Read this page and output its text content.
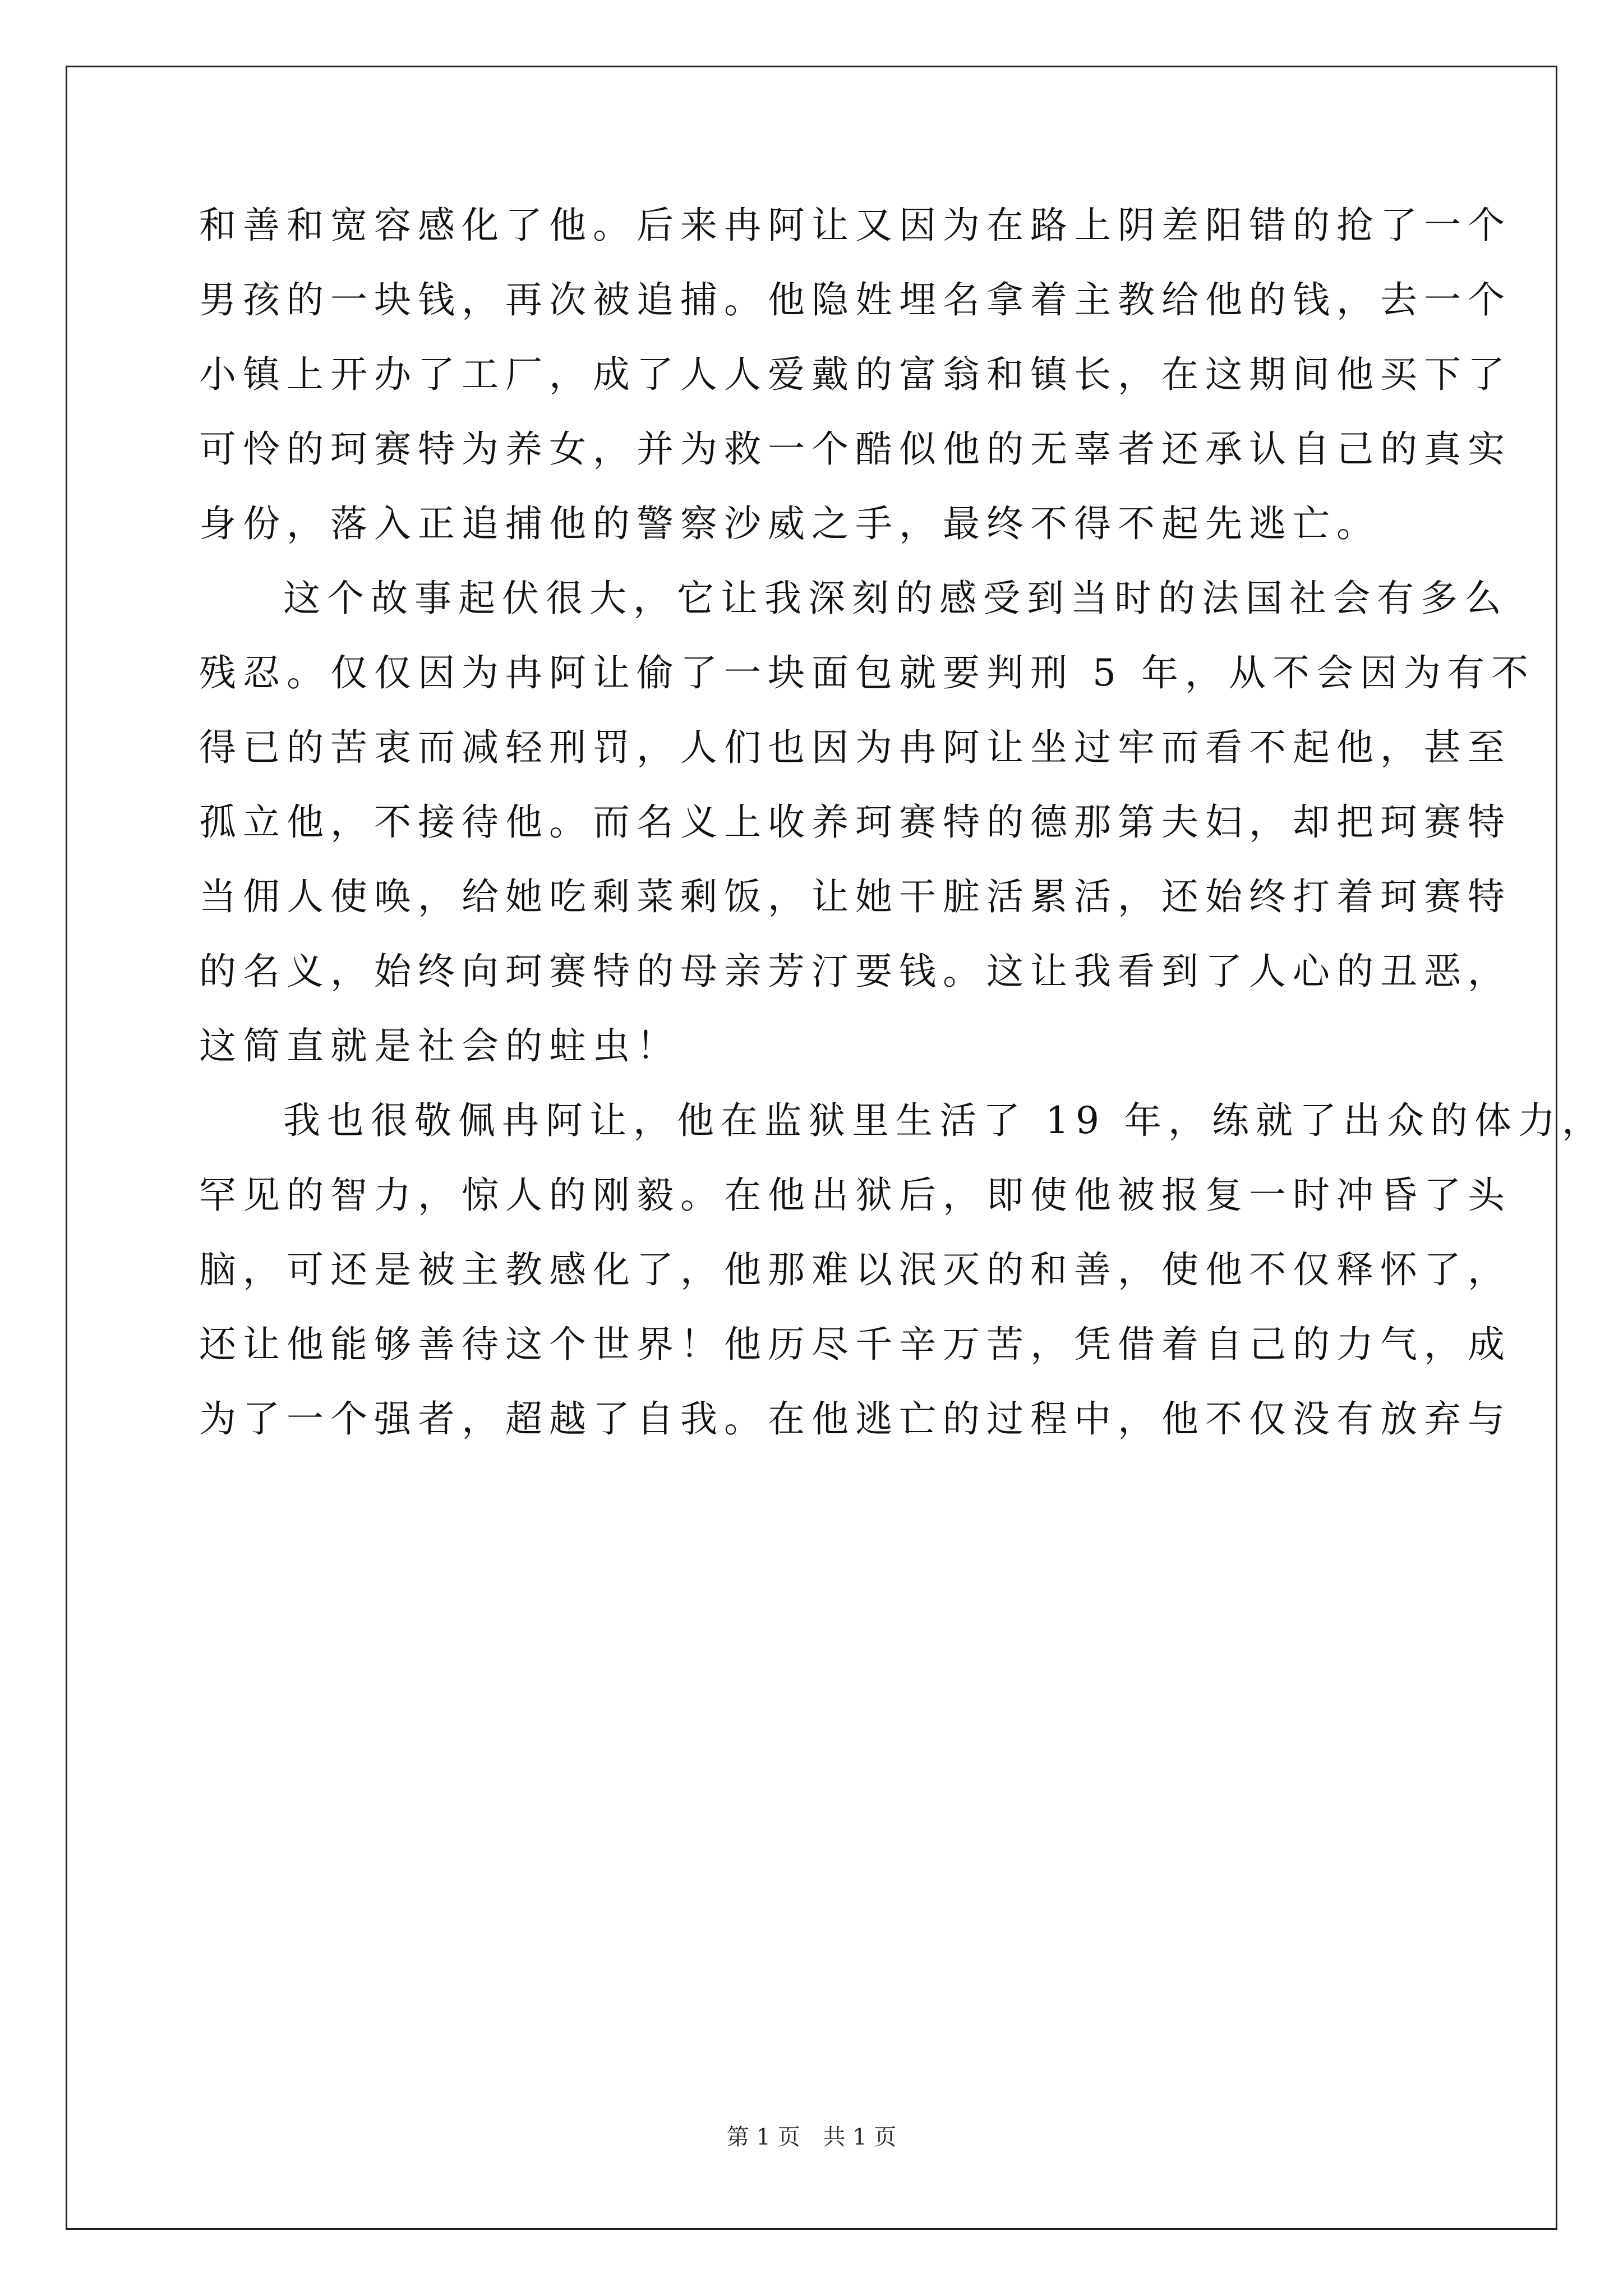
和善和宽容感化了他。后来冉阿让又因为在路上阴差阳错的抢了一个
男孩的一块钱，再次被追捕。他隐姓埋名拿着主教给他的钱，去一个
小镇上开办了工厂，成了人人爱戴的富翁和镇长，在这期间他买下了
可怜的珂赛特为养女，并为救一个酷似他的无辜者还承认自己的真实
身份，落入正追捕他的警察沙威之手，最终不得不起先逃亡。
这个故事起伏很大，它让我深刻的感受到当时的法国社会有多么
残忍。仅仅因为冉阿让偷了一块面包就要判刑 5 年，从不会因为有不
得已的苦衷而减轻刑罚，人们也因为冉阿让坐过牢而看不起他，甚至
孤立他，不接待他。而名义上收养珂赛特的德那第夫妇，却把珂赛特
当佣人使唤，给她吃剩菜剩饭，让她干脏活累活，还始终打着珂赛特
的名义，始终向珂赛特的母亲芳汀要钱。这让我看到了人心的丑恶，
这简直就是社会的蛀虫！
我也很敬佩冉阿让，他在监狱里生活了 19 年，练就了出众的体力，
罕见的智力，惊人的刚毅。在他出狱后，即使他被报复一时冲昏了头
脑，可还是被主教感化了，他那难以泯灭的和善，使他不仅释怀了，
还让他能够善待这个世界！他历尽千辛万苦，凭借着自己的力气，成
为了一个强者，超越了自我。在他逃亡的过程中，他不仅没有放弃与
第 1 页 共 1 页
